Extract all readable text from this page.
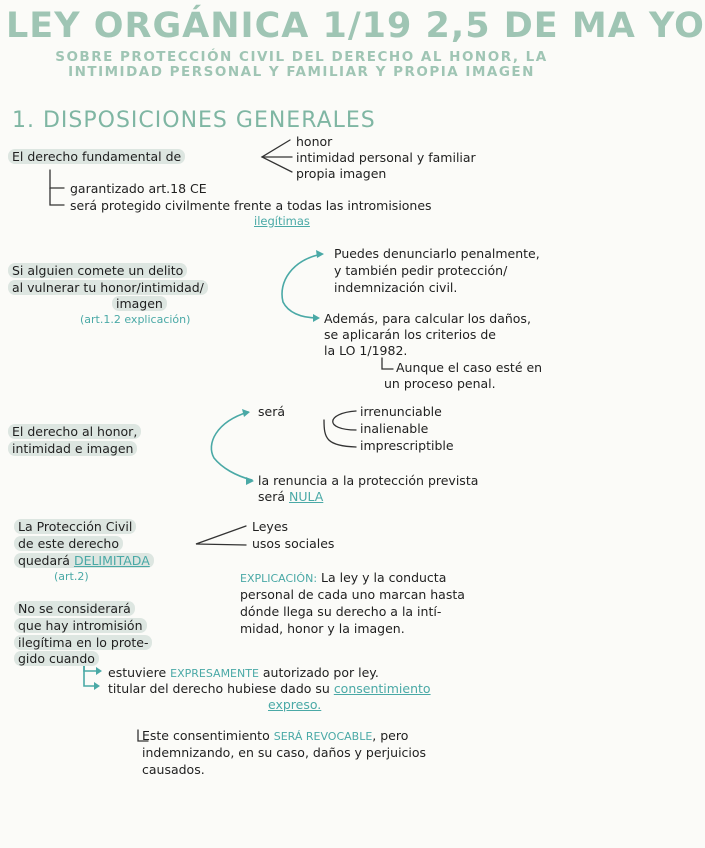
LEY ORGÁNICA 1/19 2,5 DE MA YO
SOBRE PROTECCIÓN CIVIL DEL DERECHO AL HONOR, LA INTIMIDAD PERSONAL Y FAMILIAR Y PROPIA IMAGEN
1. DISPOSICIONES GENERALES
El derecho fundamental de
honor
intimidad personal y familiar
propia imagen
garantizado art.18 CE
será protegido civilmente frente a todas las intromisiones
ilegítimas
Si alguien comete un delito
al vulnerar tu honor/intimidad/
imagen
(art.1.2 explicación)
Puedes denunciarlo penalmente,
y también pedir protección/
indemnización civil.
Además, para calcular los daños,
se aplicarán los criterios de
la LO 1/1982.
Aunque el caso esté en
un proceso penal.
El derecho al honor,
intimidad e imagen
será	irrenunciable
inalienable
imprescriptible
la renuncia a la protección prevista
será NULA
La Protección Civil
de este derecho
quedará DELIMITADA
(art.2)
Leyes
usos sociales
EXPLICACIÓN: La ley y la conducta
personal de cada uno marcan hasta
dónde llega su derecho a la intí-
midad, honor y la imagen.
No se considerará
que hay intromisión
ilegítima en lo prote-
gido cuando
estuviere EXPRESAMENTE autorizado por ley.
titular del derecho hubiese dado su consentimiento
expreso.
Este consentimiento SERÁ REVOCABLE, pero
indemnizando, en su caso, daños y perjuicios
causados.
